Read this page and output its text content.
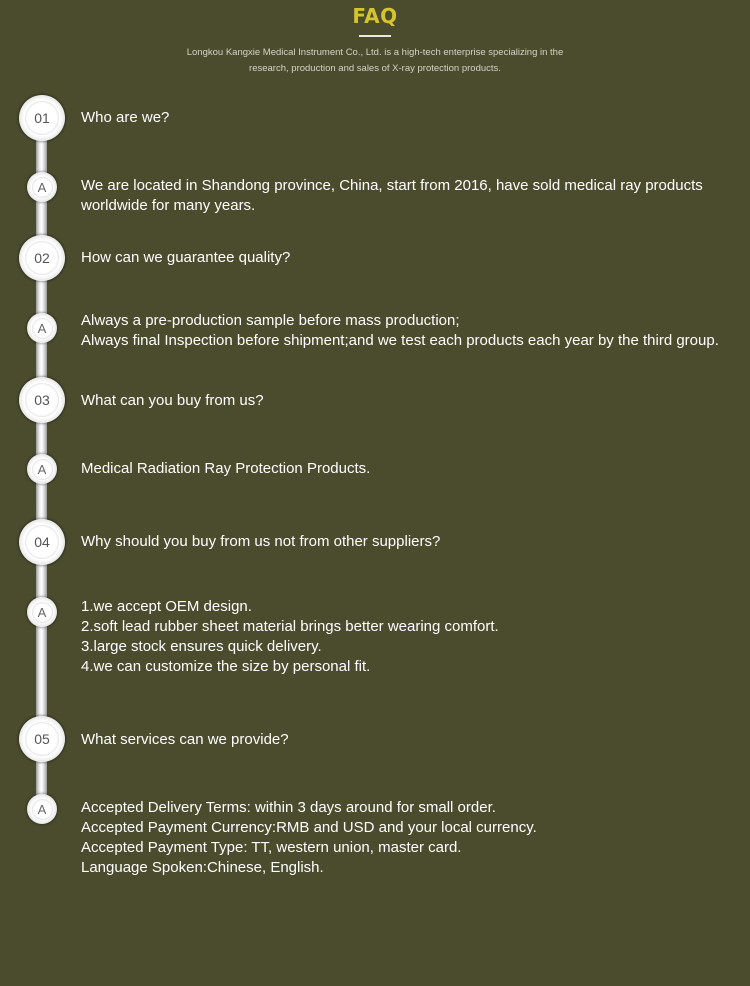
FAQ
Longkou Kangxie Medical Instrument Co., Ltd. is a high-tech enterprise specializing in the
research, production and sales of X-ray protection products.
01	Who are we?
A	We are located in Shandong province, China, start from 2016, have sold medical ray products worldwide for many years.
02	How can we guarantee quality?
A	Always a pre-production sample before mass production;
Always final Inspection before shipment;and we test each products each year by the third group.
03	What can you buy from us?
A	Medical Radiation Ray Protection Products.
04	Why should you buy from us not from other suppliers?
A	1.we accept OEM design.
2.soft lead rubber sheet material brings better wearing comfort.
3.large stock ensures quick delivery.
4.we can customize the size by personal fit.
05	What services can we provide?
A	Accepted Delivery Terms: within 3 days around for small order.
Accepted Payment Currency:RMB and USD and your local currency.
Accepted Payment Type: TT, western union, master card.
Language Spoken:Chinese, English.
